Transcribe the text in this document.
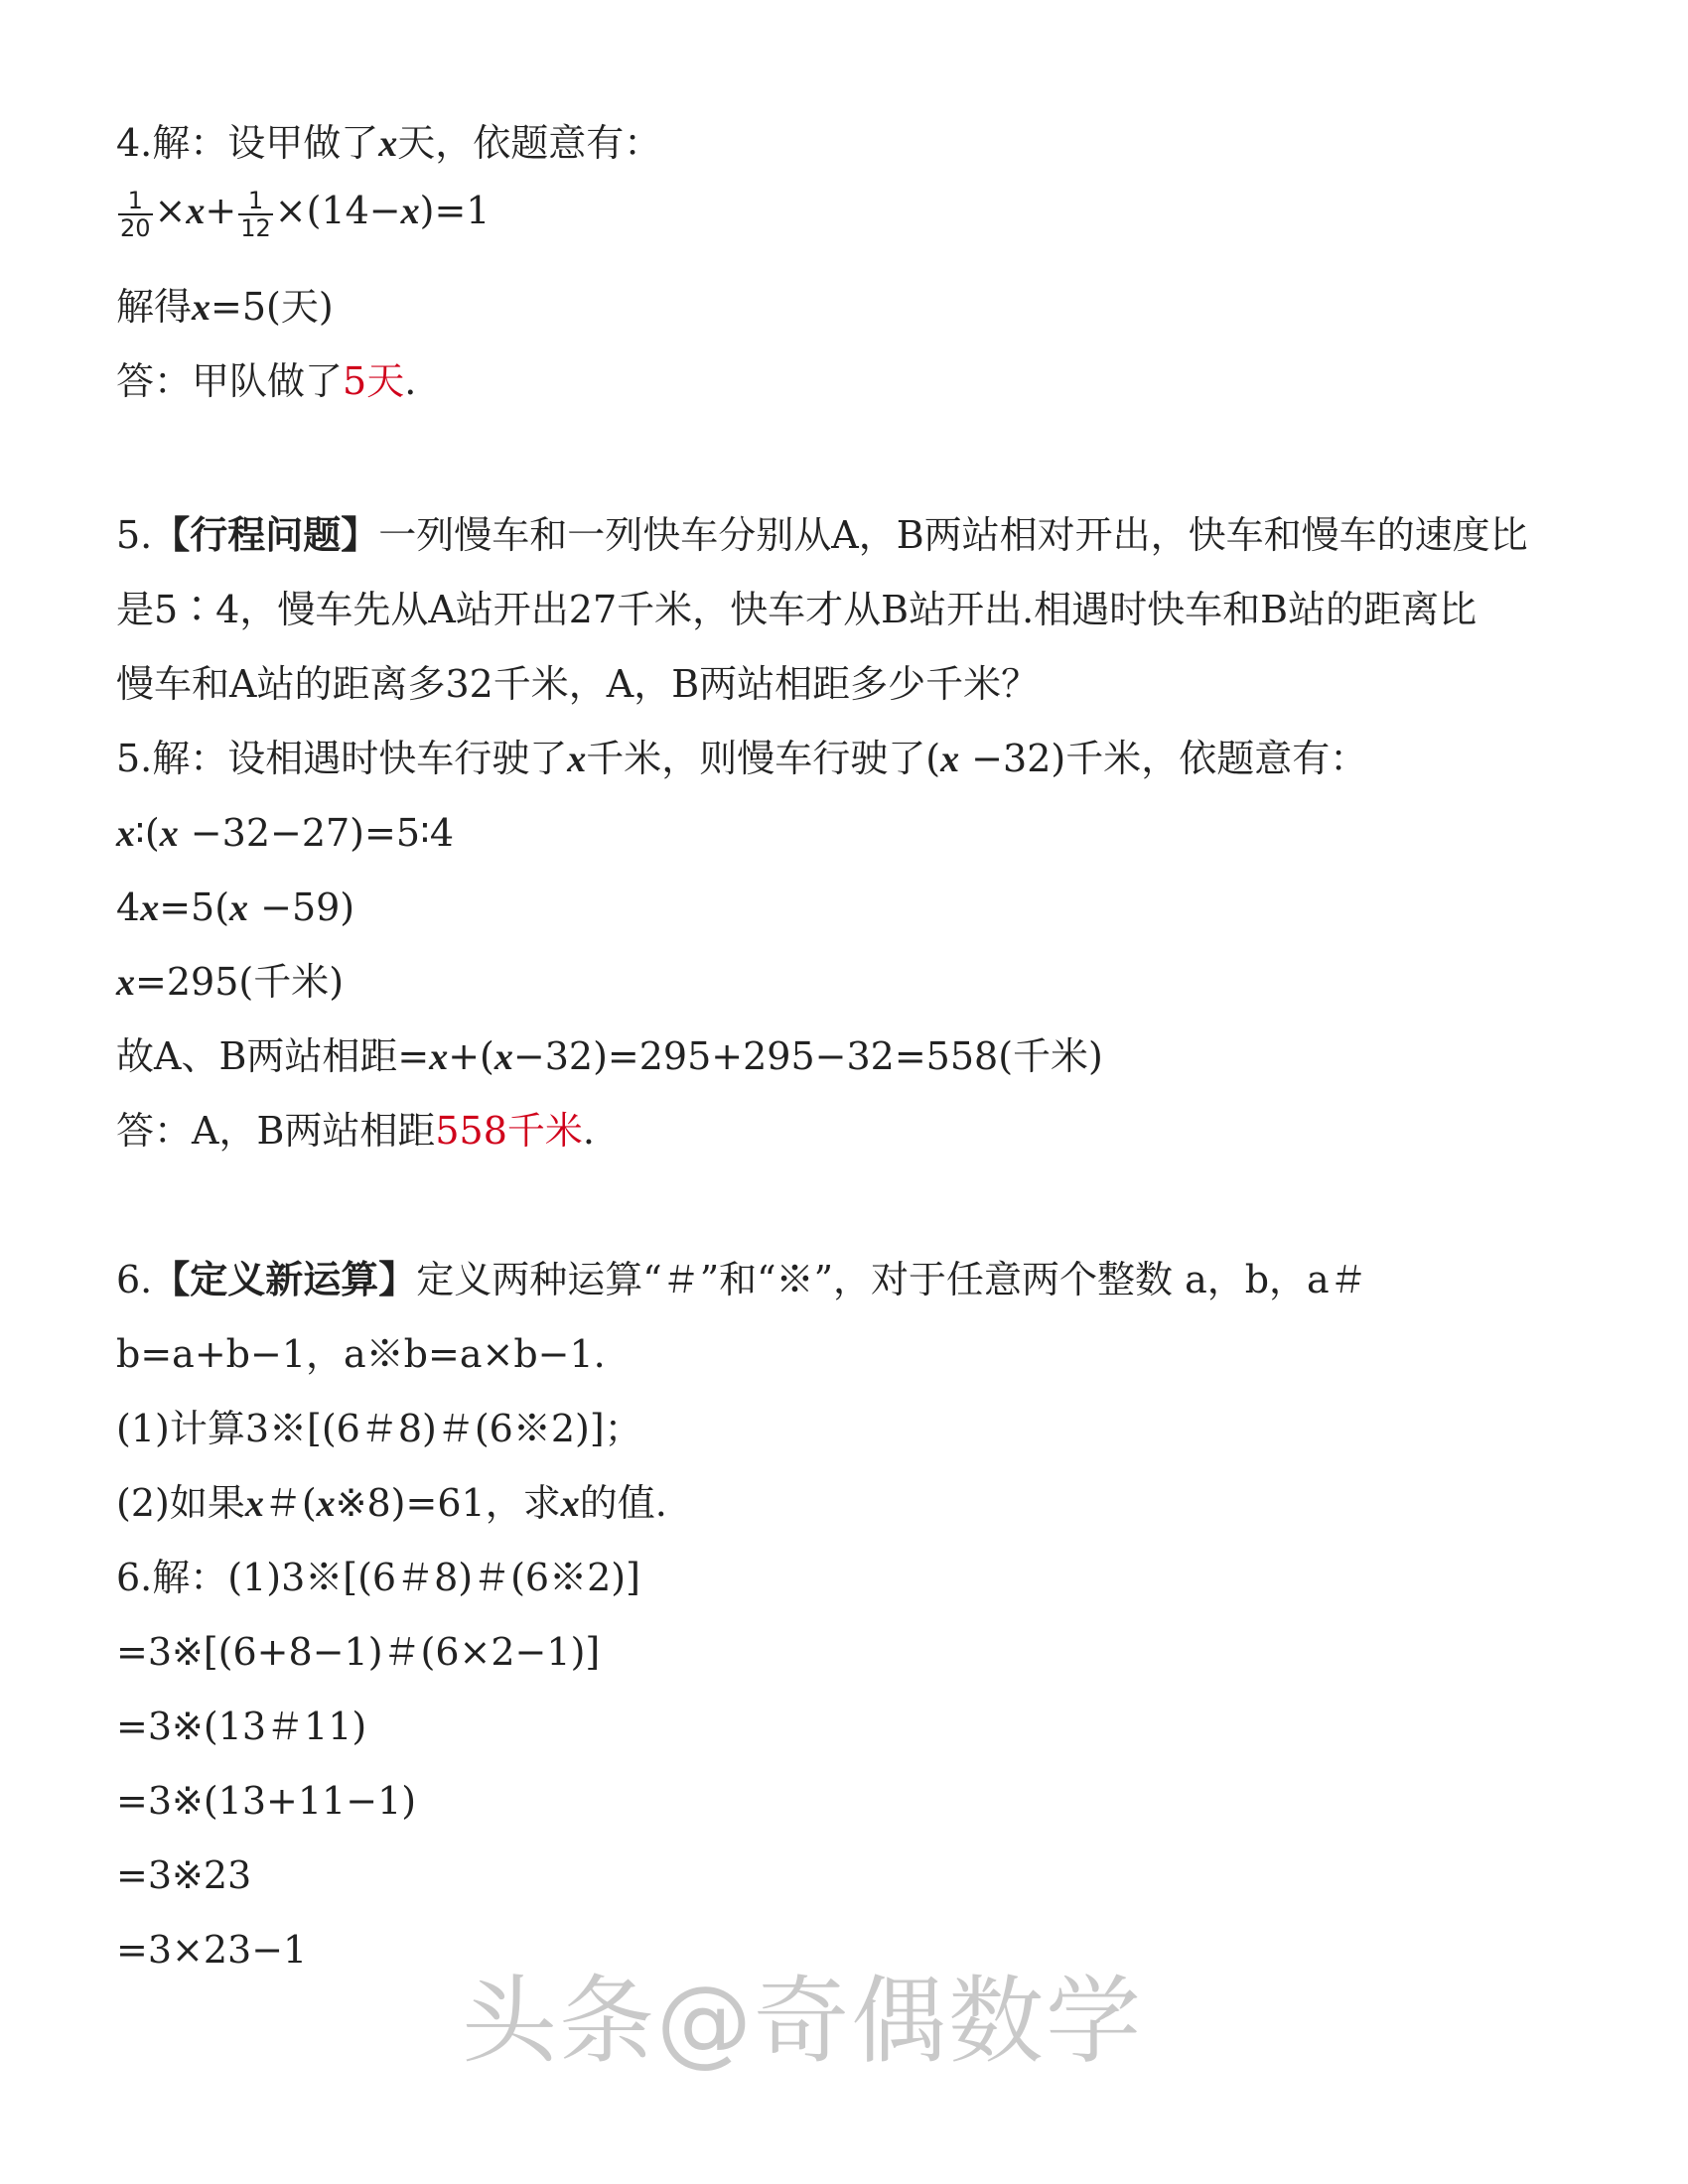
4.解：设甲做了x天，依题意有：
$\frac{1}{20} \times x+ \frac{1}{12} \times(14-x)=1$
解得x=5(天)
答：甲队做了5天.
5.【行程问题】一列慢车和一列快车分别从A，B两站相对开出，快车和慢车的速度比
是5∶4，慢车先从A站开出27千米，快车才从B站开出.相遇时快车和B站的距离比
慢车和A站的距离多32千米，A，B两站相距多少千米？
5.解：设相遇时快车行驶了x千米，则慢车行驶了(x −32)千米，依题意有：
x∶(x −32−27)=5∶4
4x=5(x −59)
x=295(千米)
故A、B两站相距=x+(x−32)=295+295−32=558(千米)
答：A，B两站相距558千米.
6.【定义新运算】定义两种运算“＃”和“※”，对于任意两个整数 a，b，a＃
b=a+b−1，a※b=a×b−1.
(1)计算3※[(6＃8)＃(6※2)]；
(2)如果x＃(x※8)=61，求x的值.
6.解：(1)3※[(6＃8)＃(6※2)]
=3※[(6+8−1)＃(6×2−1)]
=3※(13＃11)
=3※(13+11−1)
=3※23
=3×23−1
头条@奇偶数学
